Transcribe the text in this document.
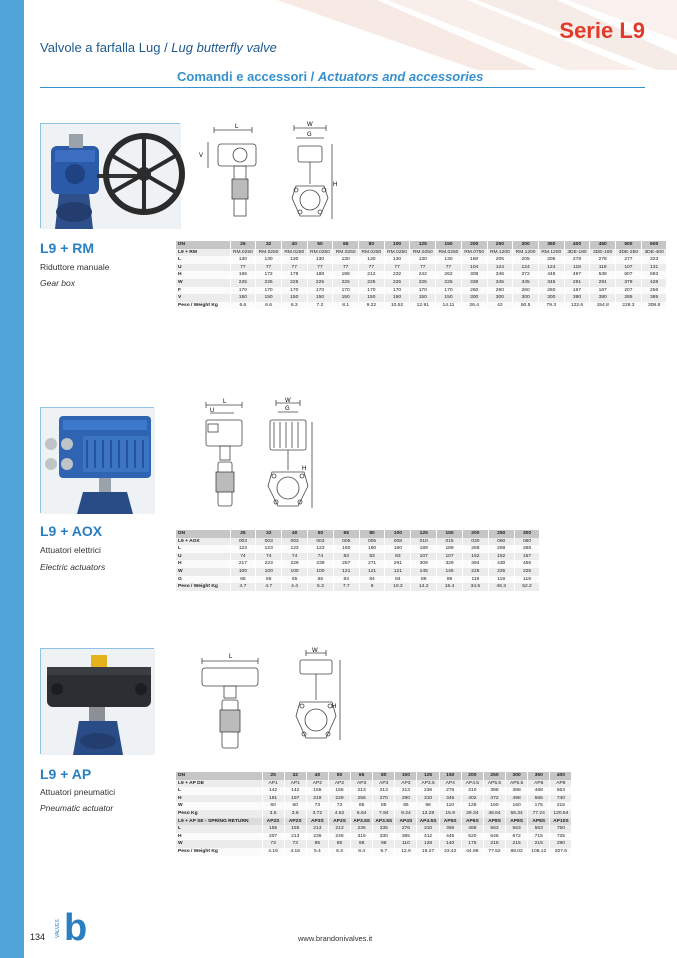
Serie L9
Valvole a farfalla Lug / Lug butterfly valve
Comandi e accessori / Actuators and accessories
L	W
G
V
H
L9 + RM
Riduttore manuale
Gear box
DN	25	32	40	50	65	80	100	125	150	200	250	300	350	400	450	500	600
L9 + RM	RM.0250	RM.0250	RM.0250	RM.0250	RM.0250	RM.0250	RM.0250	RM.0250	RM.0250	RM.0750	RM.1200	RM.1200	RM.1200	3DE-180	3DE-180	3DE-250	3DE-400
L	130	130	130	130	130	130	130	130	130	180	205	205	205	278	278	277	323
U	77	77	77	77	77	77	77	77	77	104	124	124	124	118	118	107	131
H	166	172	178	188	198	212	232	242	262	308	346	372	448	497	539	607	693
W	225	225	225	225	225	225	225	225	225	338	345	345	345	291	291	379	428
F	170	170	170	170	170	170	170	170	170	260	260	260	260	167	167	207	256
V	150	150	150	150	150	150	150	150	150	300	300	300	300	380	380	285	385
Peso / Weight Kg	6.6	6.6	6.3	7.2	8.1	9.22	10.52	12.91	14.11	26.4	42	50.5	79.3	122.6	154.8	228.3	308.8
L
U
W
G
H
L9 + AOX
Attuatori elettrici
Electric actuators
DN	25	32	40	50	65	80	100	125	150	200	250	300
L9 + AOX	003	003	003	003	005	005	008	010	015	030	060	060
L	123	123	123	123	160	160	160	189	189	268	268	268
U	74	74	74	74	83	83	83	107	107	152	152	157
H	217	223	229	239	257	271	291	309	329	394	430	456
W	100	100	100	100	121	121	121	145	145	225	225	225
G	65	65	65	65	84	84	84	89	89	119	119	119
Peso / Weight Kg	4.7	4.7	4.4	5.3	7.7	9	10.3	14.2	15.4	34.5	46.3	52.2
L
W
H
L9 + AP
Attuatori pneumatici
Pneumatic actuator
DN	25	32	40	50	65	80	100	125	150	200	250	300	350	400
L9 + AP DE	AP1	AP1	AP2	AP2	AP3	AP3	AP3	AP3.5	AP4	AP4.5	AP5.5	AP5.5	AP6	AP8
L	142	142	155	155	213	213	213	236	276	310	388	388	468	563
H	191	197	219	229	256	270	290	310	345	402	472	498	565	740
W	60	60	73	73	85	85	85	98	110	128	160	160	175	215
Peso Kg	3.6	3.6	3.72	4.62	6.64	7.94	9.24	13.28	15.9	29.34	46.64	55.34	77.24	120.64
L9 + AP SE - SPRING RETURN	AP2S	AP2S	AP3S	AP3S	AP3.5S	AP3.5S	AP4S	AP4.5S	AP5S	AP6S	AP8S	AP8S	AP8S	AP10S
L	155	155	213	213	236	236	276	310	366	468	563	563	563	750
H	207	213	236	246	316	330	365	412	445	520	646	672	715	725
W	73	73	85	85	98	98	110	128	140	175	215	215	215	290
Peso / Weight Kg	4.16	4.16	5.4	6.3	8.4	9.7	12.9	19.27	23.42	44.98	77.52	88.02	108.12	207.6
134 VALVES b	www.brandonivalves.it
